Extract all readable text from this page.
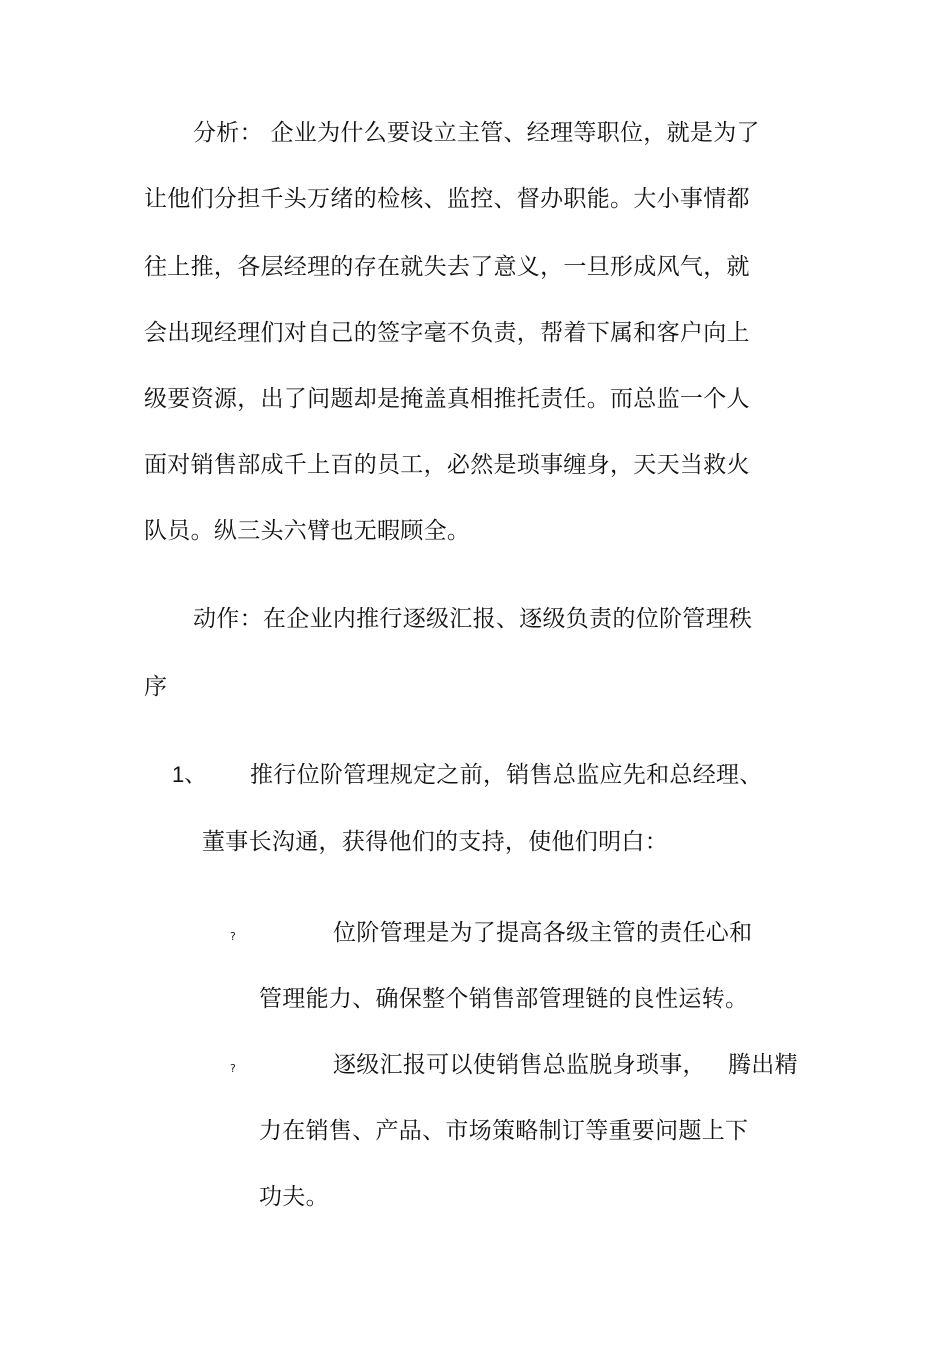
分析： 企业为什么要设立主管、经理等职位，就是为了
让他们分担千头万绪的检核、监控、督办职能。大小事情都
往上推，各层经理的存在就失去了意义，一旦形成风气，就
会出现经理们对自己的签字毫不负责，帮着下属和客户向上
级要资源，出了问题却是掩盖真相推托责任。而总监一个人
面对销售部成千上百的员工，必然是琐事缠身，天天当救火
队员。纵三头六臂也无暇顾全。
动作：在企业内推行逐级汇报、逐级负责的位阶管理秩
序
1、 推行位阶管理规定之前，销售总监应先和总经理、
董事长沟通，获得他们的支持，使他们明白：
?	位阶管理是为了提高各级主管的责任心和
管理能力、确保整个销售部管理链的良性运转。
?	逐级汇报可以使销售总监脱身琐事， 腾出精
力在销售、产品、市场策略制订等重要问题上下
功夫。
